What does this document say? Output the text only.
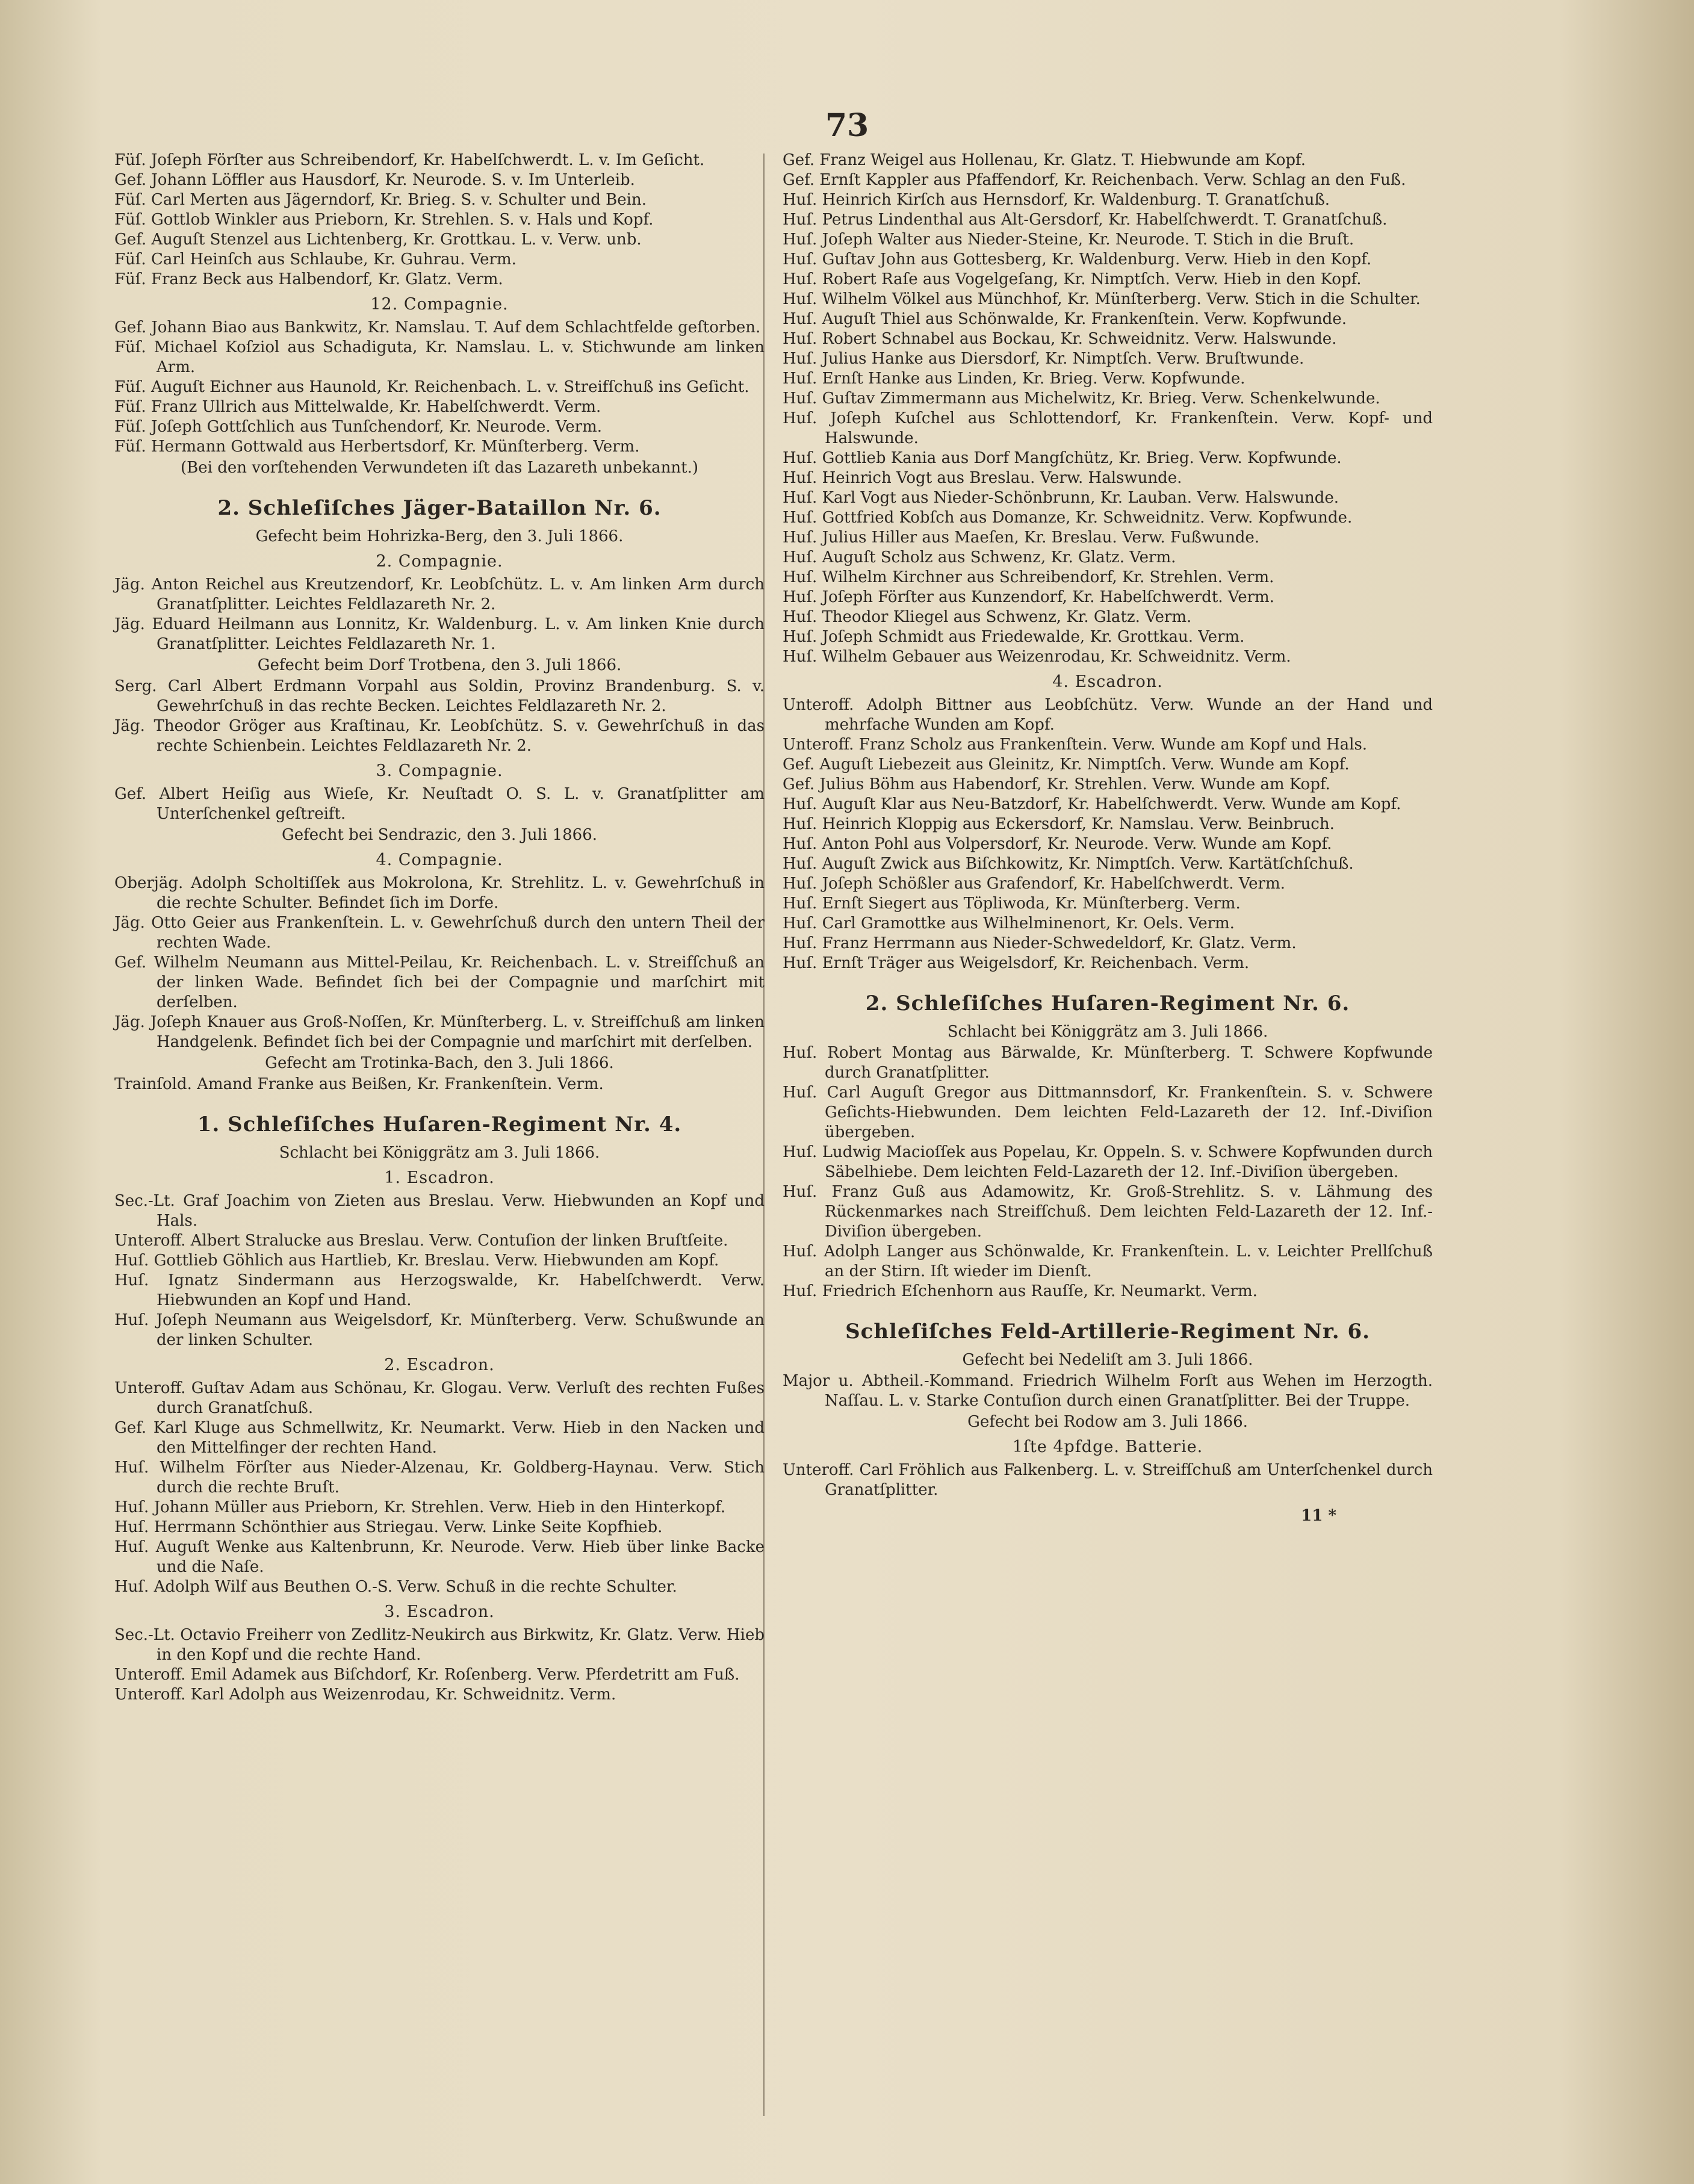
73

Füſ. Joſeph Förſter aus Schreibendorf, Kr. Habelſchwerdt. L. v. Im Geſicht.

Gef. Johann Löffler aus Hausdorf, Kr. Neurode. S. v. Im Unterleib.

Füſ. Carl Merten aus Jägerndorf, Kr. Brieg. S. v. Schulter und Bein.

Füſ. Gottlob Winkler aus Prieborn, Kr. Strehlen. S. v. Hals und Kopf.

Gef. Auguſt Stenzel aus Lichtenberg, Kr. Grottkau. L. v. Verw. unb.

Füſ. Carl Heinſch aus Schlaube, Kr. Guhrau. Verm.

Füſ. Franz Beck aus Halbendorf, Kr. Glatz. Verm.

12. Compagnie.

Gef. Johann Biao aus Bankwitz, Kr. Namslau. T. Auf dem Schlachtfelde geſtorben.

Füſ. Michael Koſziol aus Schadiguta, Kr. Namslau. L. v. Stichwunde am linken Arm.

Füſ. Auguſt Eichner aus Haunold, Kr. Reichenbach. L. v. Streifſchuß ins Geſicht.

Füſ. Franz Ullrich aus Mittelwalde, Kr. Habelſchwerdt. Verm.

Füſ. Joſeph Gottſchlich aus Tunſchendorf, Kr. Neurode. Verm.

Füſ. Hermann Gottwald aus Herbertsdorf, Kr. Münſterberg. Verm.

(Bei den vorſtehenden Verwundeten iſt das Lazareth unbekannt.)
2. Schleſiſches Jäger-Bataillon Nr. 6.
Gefecht beim Hohrizka-Berg, den 3. Juli 1866.
2. Compagnie.

Jäg. Anton Reichel aus Kreutzendorf, Kr. Leobſchütz. L. v. Am linken Arm durch Granatſplitter. Leichtes Feldlazareth Nr. 2.

Jäg. Eduard Heilmann aus Lonnitz, Kr. Waldenburg. L. v. Am linken Knie durch Granatſplitter. Leichtes Feldlazareth Nr. 1.

Gefecht beim Dorf Trotbena, den 3. Juli 1866.

Serg. Carl Albert Erdmann Vorpahl aus Soldin, Provinz Brandenburg. S. v. Gewehrſchuß in das rechte Becken. Leichtes Feldlazareth Nr. 2.

Jäg. Theodor Gröger aus Kraſtinau, Kr. Leobſchütz. S. v. Gewehrſchuß in das rechte Schienbein. Leichtes Feldlazareth Nr. 2.

3. Compagnie.

Gef. Albert Heiſig aus Wieſe, Kr. Neuſtadt O. S. L. v. Granatſplitter am Unterſchenkel geſtreift.

Gefecht bei Sendrazic, den 3. Juli 1866.
4. Compagnie.

Oberjäg. Adolph Scholtiſſek aus Mokrolona, Kr. Strehlitz. L. v. Gewehrſchuß in die rechte Schulter. Befindet ſich im Dorfe.

Jäg. Otto Geier aus Frankenſtein. L. v. Gewehrſchuß durch den untern Theil der rechten Wade.

Gef. Wilhelm Neumann aus Mittel-Peilau, Kr. Reichenbach. L. v. Streifſchuß an der linken Wade. Befindet ſich bei der Compagnie und marſchirt mit derſelben.

Jäg. Joſeph Knauer aus Groß-Noſſen, Kr. Münſterberg. L. v. Streifſchuß am linken Handgelenk. Befindet ſich bei der Compagnie und marſchirt mit derſelben.

Gefecht am Trotinka-Bach, den 3. Juli 1866.

Trainſold. Amand Franke aus Beißen, Kr. Frankenſtein. Verm.

1. Schleſiſches Huſaren-Regiment Nr. 4.
Schlacht bei Königgrätz am 3. Juli 1866.
1. Escadron.

Sec.-Lt. Graf Joachim von Zieten aus Breslau. Verw. Hiebwunden an Kopf und Hals.

Unteroff. Albert Stralucke aus Breslau. Verw. Contuſion der linken Bruſtſeite.

Huſ. Gottlieb Göhlich aus Hartlieb, Kr. Breslau. Verw. Hiebwunden am Kopf.

Huſ. Ignatz Sindermann aus Herzogswalde, Kr. Habelſchwerdt. Verw. Hiebwunden an Kopf und Hand.

Huſ. Joſeph Neumann aus Weigelsdorf, Kr. Münſterberg. Verw. Schußwunde an der linken Schulter.

2. Escadron.

Unteroff. Guſtav Adam aus Schönau, Kr. Glogau. Verw. Verluſt des rechten Fußes durch Granatſchuß.

Gef. Karl Kluge aus Schmellwitz, Kr. Neumarkt. Verw. Hieb in den Nacken und den Mittelfinger der rechten Hand.

Huſ. Wilhelm Förſter aus Nieder-Alzenau, Kr. Goldberg-Haynau. Verw. Stich durch die rechte Bruſt.

Huſ. Johann Müller aus Prieborn, Kr. Strehlen. Verw. Hieb in den Hinterkopf.

Huſ. Herrmann Schönthier aus Striegau. Verw. Linke Seite Kopfhieb.

Huſ. Auguſt Wenke aus Kaltenbrunn, Kr. Neurode. Verw. Hieb über linke Backe und die Naſe.

Huſ. Adolph Wilf aus Beuthen O.-S. Verw. Schuß in die rechte Schulter.

3. Escadron.

Sec.-Lt. Octavio Freiherr von Zedlitz-Neukirch aus Birkwitz, Kr. Glatz. Verw. Hieb in den Kopf und die rechte Hand.

Unteroff. Emil Adamek aus Biſchdorf, Kr. Roſenberg. Verw. Pferdetritt am Fuß.

Unteroff. Karl Adolph aus Weizenrodau, Kr. Schweidnitz. Verm.

Gef. Franz Weigel aus Hollenau, Kr. Glatz. T. Hiebwunde am Kopf.

Gef. Ernſt Kappler aus Pfaffendorf, Kr. Reichenbach. Verw. Schlag an den Fuß.

Huſ. Heinrich Kirſch aus Hernsdorf, Kr. Waldenburg. T. Granatſchuß.

Huſ. Petrus Lindenthal aus Alt-Gersdorf, Kr. Habelſchwerdt. T. Granatſchuß.

Huſ. Joſeph Walter aus Nieder-Steine, Kr. Neurode. T. Stich in die Bruſt.

Huſ. Guſtav John aus Gottesberg, Kr. Waldenburg. Verw. Hieb in den Kopf.

Huſ. Robert Raſe aus Vogelgeſang, Kr. Nimptſch. Verw. Hieb in den Kopf.

Huſ. Wilhelm Völkel aus Münchhof, Kr. Münſterberg. Verw. Stich in die Schulter.

Huſ. Auguſt Thiel aus Schönwalde, Kr. Frankenſtein. Verw. Kopfwunde.

Huſ. Robert Schnabel aus Bockau, Kr. Schweidnitz. Verw. Halswunde.

Huſ. Julius Hanke aus Diersdorf, Kr. Nimptſch. Verw. Bruſtwunde.

Huſ. Ernſt Hanke aus Linden, Kr. Brieg. Verw. Kopfwunde.

Huſ. Guſtav Zimmermann aus Michelwitz, Kr. Brieg. Verw. Schenkelwunde.

Huſ. Joſeph Kuſchel aus Schlottendorf, Kr. Frankenſtein. Verw. Kopf- und Halswunde.

Huſ. Gottlieb Kania aus Dorf Mangſchütz, Kr. Brieg. Verw. Kopfwunde.

Huſ. Heinrich Vogt aus Breslau. Verw. Halswunde.

Huſ. Karl Vogt aus Nieder-Schönbrunn, Kr. Lauban. Verw. Halswunde.

Huſ. Gottfried Kobſch aus Domanze, Kr. Schweidnitz. Verw. Kopfwunde.

Huſ. Julius Hiller aus Maeſen, Kr. Breslau. Verw. Fußwunde.

Huſ. Auguſt Scholz aus Schwenz, Kr. Glatz. Verm.

Huſ. Wilhelm Kirchner aus Schreibendorf, Kr. Strehlen. Verm.

Huſ. Joſeph Förſter aus Kunzendorf, Kr. Habelſchwerdt. Verm.

Huſ. Theodor Kliegel aus Schwenz, Kr. Glatz. Verm.

Huſ. Joſeph Schmidt aus Friedewalde, Kr. Grottkau. Verm.

Huſ. Wilhelm Gebauer aus Weizenrodau, Kr. Schweidnitz. Verm.

4. Escadron.

Unteroff. Adolph Bittner aus Leobſchütz. Verw. Wunde an der Hand und mehrfache Wunden am Kopf.

Unteroff. Franz Scholz aus Frankenſtein. Verw. Wunde am Kopf und Hals.

Gef. Auguſt Liebezeit aus Gleinitz, Kr. Nimptſch. Verw. Wunde am Kopf.

Gef. Julius Böhm aus Habendorf, Kr. Strehlen. Verw. Wunde am Kopf.

Huſ. Auguſt Klar aus Neu-Batzdorf, Kr. Habelſchwerdt. Verw. Wunde am Kopf.

Huſ. Heinrich Kloppig aus Eckersdorf, Kr. Namslau. Verw. Beinbruch.

Huſ. Anton Pohl aus Volpersdorf, Kr. Neurode. Verw. Wunde am Kopf.

Huſ. Auguſt Zwick aus Biſchkowitz, Kr. Nimptſch. Verw. Kartätſchſchuß.

Huſ. Joſeph Schößler aus Grafendorf, Kr. Habelſchwerdt. Verm.

Huſ. Ernſt Siegert aus Töpliwoda, Kr. Münſterberg. Verm.

Huſ. Carl Gramottke aus Wilhelminenort, Kr. Oels. Verm.

Huſ. Franz Herrmann aus Nieder-Schwedeldorf, Kr. Glatz. Verm.

Huſ. Ernſt Träger aus Weigelsdorf, Kr. Reichenbach. Verm.

2. Schleſiſches Huſaren-Regiment Nr. 6.
Schlacht bei Königgrätz am 3. Juli 1866.

Huſ. Robert Montag aus Bärwalde, Kr. Münſterberg. T. Schwere Kopfwunde durch Granatſplitter.

Huſ. Carl Auguſt Gregor aus Dittmannsdorf, Kr. Frankenſtein. S. v. Schwere Geſichts-Hiebwunden. Dem leichten Feld-Lazareth der 12. Inf.-Diviſion übergeben.

Huſ. Ludwig Macioſſek aus Popelau, Kr. Oppeln. S. v. Schwere Kopfwunden durch Säbelhiebe. Dem leichten Feld-Lazareth der 12. Inf.-Diviſion übergeben.

Huſ. Franz Guß aus Adamowitz, Kr. Groß-Strehlitz. S. v. Lähmung des Rückenmarkes nach Streifſchuß. Dem leichten Feld-Lazareth der 12. Inf.-Diviſion übergeben.

Huſ. Adolph Langer aus Schönwalde, Kr. Frankenſtein. L. v. Leichter Prellſchuß an der Stirn. Iſt wieder im Dienſt.

Huſ. Friedrich Eſchenhorn aus Rauſſe, Kr. Neumarkt. Verm.

Schleſiſches Feld-Artillerie-Regiment Nr. 6.
Gefecht bei Nedeliſt am 3. Juli 1866.

Major u. Abtheil.-Kommand. Friedrich Wilhelm Forſt aus Wehen im Herzogth. Naſſau. L. v. Starke Contuſion durch einen Granatſplitter. Bei der Truppe.

Gefecht bei Rodow am 3. Juli 1866.
1ſte 4pfdge. Batterie.

Unteroff. Carl Fröhlich aus Falkenberg. L. v. Streifſchuß am Unterſchenkel durch Granatſplitter.

11 *
